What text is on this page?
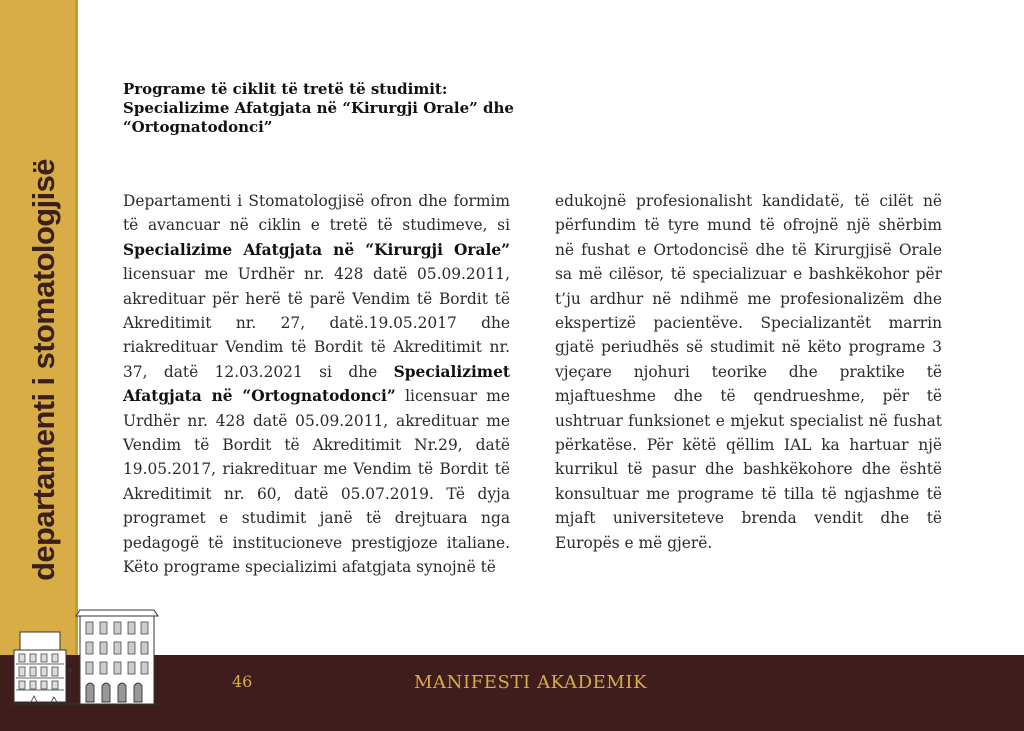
departamenti i stomatologjisë
Programe të ciklit të tretë të studimit: Specializime Afatgjata në “Kirurgji Orale” dhe “Ortognatodonci”

Departamenti i Stomatologjisë ofron dhe formim të avancuar në ciklin e tretë të studimeve, si Specializime Afatgjata në “Kirurgji Orale” licensuar me Urdhër nr. 428 datë 05.09.2011, akredituar për herë të parë Vendim të Bordit të Akreditimit nr. 27, datë.19.05.2017 dhe riakredituar Vendim të Bordit të Akreditimit nr. 37, datë 12.03.2021 si dhe Specializimet Afatgjata në “Ortognatodonci” licensuar me Urdhër nr. 428 datë 05.09.2011, akredituar me Vendim të Bordit të Akreditimit Nr.29, datë 19.05.2017, riakredituar me Vendim të Bordit të Akreditimit nr. 60, datë 05.07.2019. Të dyja programet e studimit janë të drejtuara nga pedagogë të institucioneve prestigjoze italiane. Këto programe specializimi afatgjata synojnë të

edukojnë profesionalisht kandidatë, të cilët në përfundim të tyre mund të ofrojnë një shërbim në fushat e Ortodoncisë dhe të Kirurgjisë Orale sa më cilësor, të specializuar e bashkëkohor për t’ju ardhur në ndihmë me profesionalizëm dhe ekspertizë pacientëve. Specializantët marrin gjatë periudhës së studimit në këto programe 3 vjeçare njohuri teorike dhe praktike të mjaftueshme dhe të qendrueshme, për të ushtruar funksionet e mjekut specialist në fushat përkatëse. Për këtë qëllim IAL ka hartuar një kurrikul të pasur dhe bashkëkohore dhe është konsultuar me programe të tilla të ngjashme të mjaft universiteteve brenda vendit dhe të Europës e më gjerë.

46	MANIFESTI AKADEMIK
